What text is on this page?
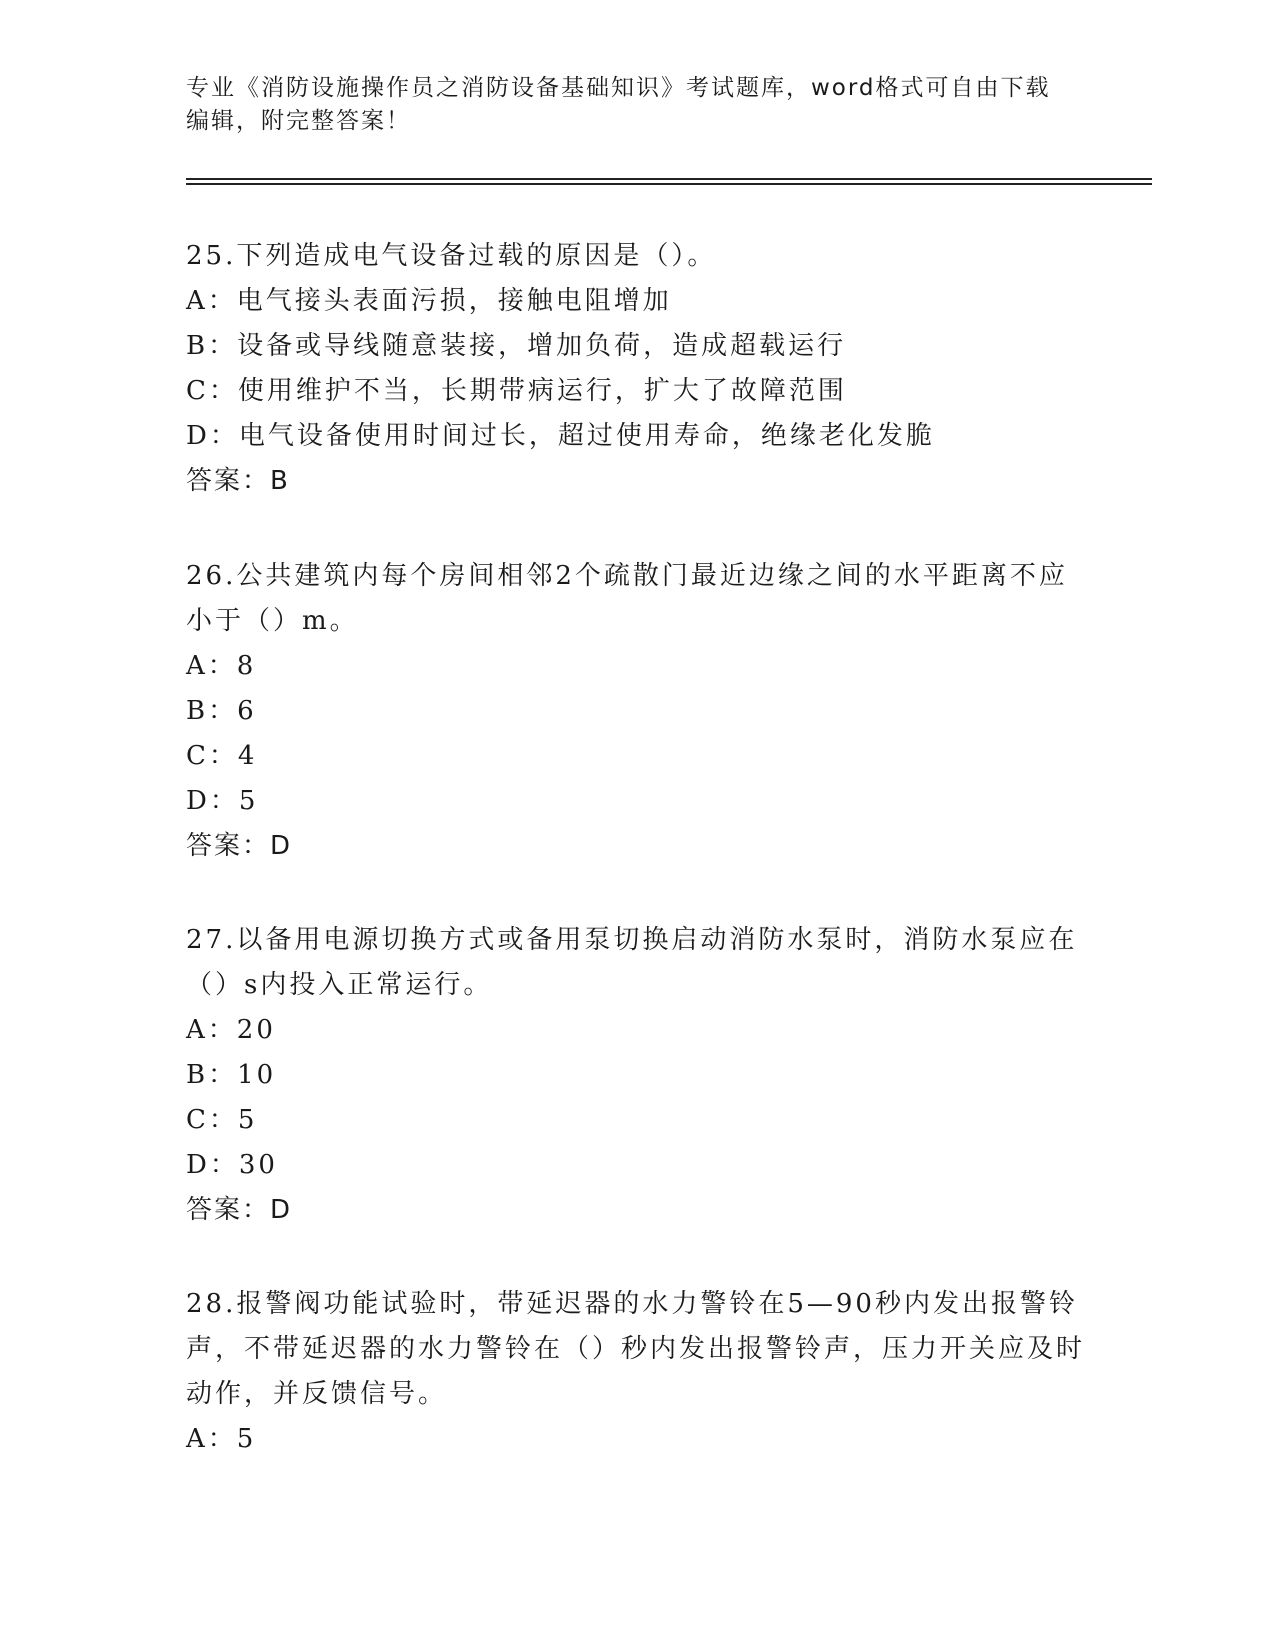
专业《消防设施操作员之消防设备基础知识》考试题库，word格式可自由下载编辑，附完整答案！
25.下列造成电气设备过载的原因是（）。
A：电气接头表面污损，接触电阻增加
B：设备或导线随意装接，增加负荷，造成超载运行
C：使用维护不当，长期带病运行，扩大了故障范围
D：电气设备使用时间过长，超过使用寿命，绝缘老化发脆
答案：B
26.公共建筑内每个房间相邻2个疏散门最近边缘之间的水平距离不应小于（）m。
A：8
B：6
C：4
D：5
答案：D
27.以备用电源切换方式或备用泵切换启动消防水泵时，消防水泵应在（）s内投入正常运行。
A：20
B：10
C：5
D：30
答案：D
28.报警阀功能试验时，带延迟器的水力警铃在5—90秒内发出报警铃声，不带延迟器的水力警铃在（）秒内发出报警铃声，压力开关应及时动作，并反馈信号。
A：5
